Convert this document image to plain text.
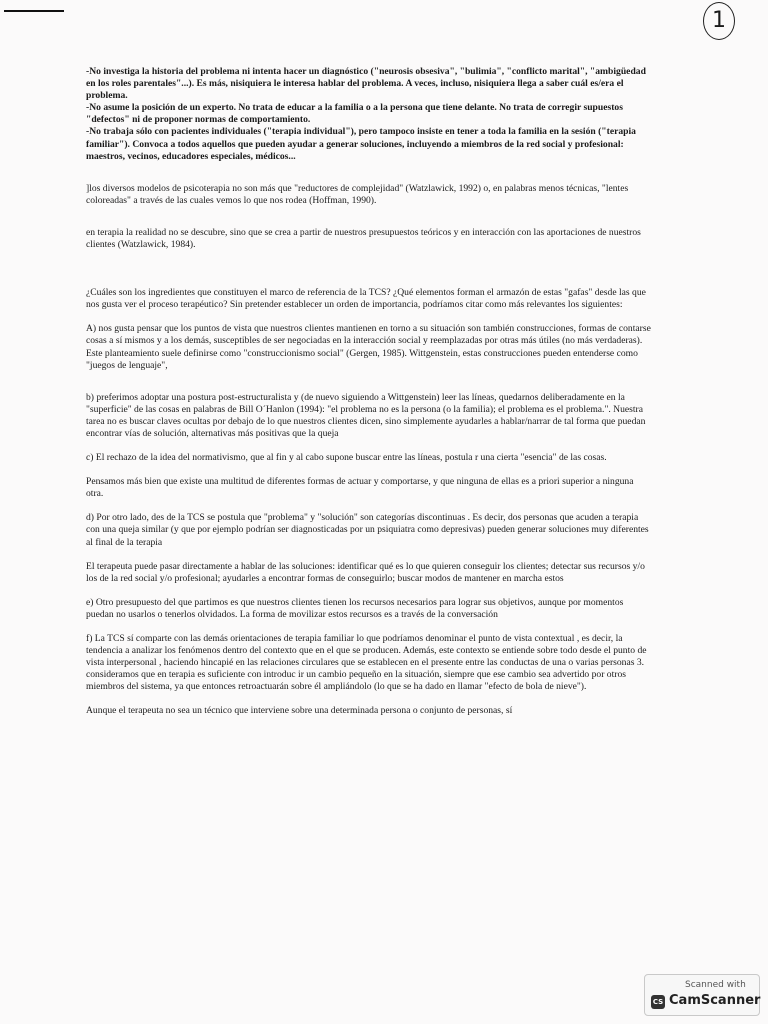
1

-No investiga la historia del problema ni intenta hacer un diagnóstico ("neurosis obsesiva", "bulimia", "conflicto marital", "ambigüedad en los roles parentales"...). Es más, nisiquiera le interesa hablar del problema. A veces, incluso, nisiquiera llega a saber cuál es/era el problema.

-No asume la posición de un experto. No trata de educar a la familia o a la persona que tiene delante. No trata de corregir supuestos "defectos" ni de proponer normas de comportamiento.

-No trabaja sólo con pacientes individuales ("terapia individual"), pero tampoco insiste en tener a toda la familia en la sesión ("terapia familiar"). Convoca a todos aquellos que pueden ayudar a generar soluciones, incluyendo a miembros de la red social y profesional: maestros, vecinos, educadores especiales, médicos...

]los diversos modelos de psicoterapia no son más que "reductores de complejidad" (Watzlawick, 1992) o, en palabras menos técnicas, "lentes coloreadas" a través de las cuales vemos lo que nos rodea (Hoffman, 1990).

en terapia la realidad no se descubre, sino que se crea a partir de nuestros presupuestos teóricos y en interacción con las aportaciones de nuestros clientes (Watzlawick, 1984).

¿Cuáles son los ingredientes que constituyen el marco de referencia de la TCS? ¿Qué elementos forman el armazón de estas "gafas" desde las que nos gusta ver el proceso terapéutico? Sin pretender establecer un orden de importancia, podríamos citar como más relevantes los siguientes:

A) nos gusta pensar que los puntos de vista que nuestros clientes mantienen en torno a su situación son también construcciones, formas de contarse cosas a sí mismos y a los demás, susceptibles de ser negociadas en la interacción social y reemplazadas por otras más útiles (no más verdaderas). Este planteamiento suele definirse como "construccionismo social" (Gergen, 1985). Wittgenstein, estas construcciones pueden entenderse como "juegos de lenguaje",

b) preferimos adoptar una postura post-estructuralista y (de nuevo siguiendo a Wittgenstein) leer las líneas, quedarnos deliberadamente en la "superficie" de las cosas en palabras de Bill O´Hanlon (1994): "el problema no es la persona (o la familia); el problema es el problema.". Nuestra tarea no es buscar claves ocultas por debajo de lo que nuestros clientes dicen, sino simplemente ayudarles a hablar/narrar de tal forma que puedan encontrar vías de solución, alternativas más positivas que la queja

c) El rechazo de la idea del normativismo, que al fin y al cabo supone buscar entre las líneas, postula r una cierta "esencia" de las cosas.

Pensamos más bien que existe una multitud de diferentes formas de actuar y comportarse, y que ninguna de ellas es a priori superior a ninguna otra.

d) Por otro lado, des de la TCS se postula que "problema" y "solución" son categorías discontinuas . Es decir, dos personas que acuden a terapia con una queja similar (y que por ejemplo podrían ser diagnosticadas por un psiquiatra como depresivas) pueden generar soluciones muy diferentes al final de la terapia

El terapeuta puede pasar directamente a hablar de las soluciones: identificar qué es lo que quieren conseguir los clientes; detectar sus recursos y/o los de la red social y/o profesional; ayudarles a encontrar formas de conseguirlo; buscar modos de mantener en marcha estos

e) Otro presupuesto del que partimos es que nuestros clientes tienen los recursos necesarios para lograr sus objetivos, aunque por momentos puedan no usarlos o tenerlos olvidados. La forma de movilizar estos recursos es a través de la conversación

f) La TCS sí comparte con las demás orientaciones de terapia familiar lo que podríamos denominar el punto de vista contextual , es decir, la tendencia a analizar los fenómenos dentro del contexto que en el que se producen. Además, este contexto se entiende sobre todo desde el punto de vista interpersonal , haciendo hincapié en las relaciones circulares que se establecen en el presente entre las conductas de una o varias personas 3. consideramos que en terapia es suficiente con introduc ir un cambio pequeño en la situación, siempre que ese cambio sea advertido por otros miembros del sistema, ya que entonces retroactuarán sobre él ampliándolo (lo que se ha dado en llamar "efecto de bola de nieve").

Aunque el terapeuta no sea un técnico que interviene sobre una determinada persona o conjunto de personas, sí

Scanned with
CS CamScanner
